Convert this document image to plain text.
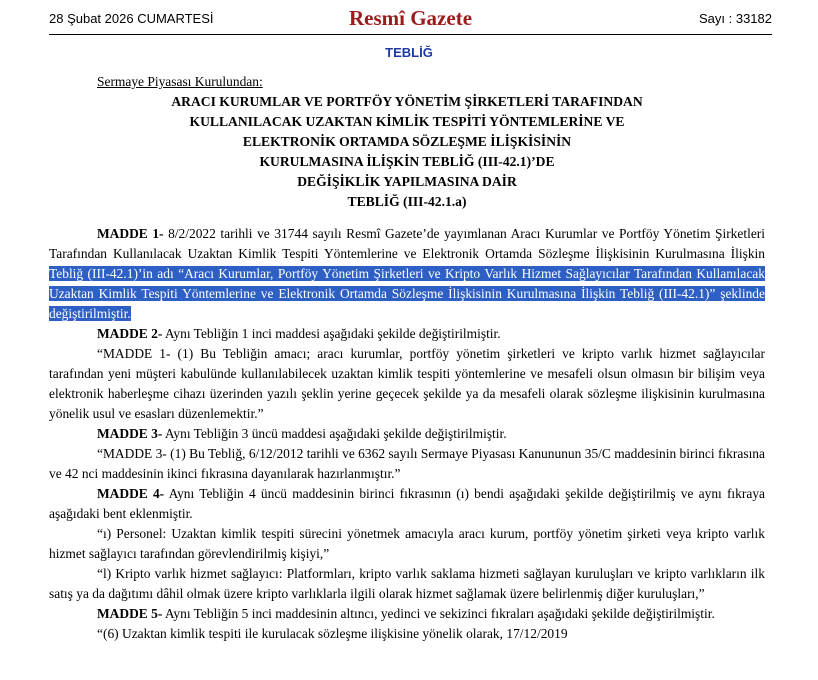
28 Şubat 2026 CUMARTESİ	Resmî Gazete	Sayı : 33182
TEBLİĞ
Sermaye Piyasası Kurulundan:
ARACI KURUMLAR VE PORTFÖY YÖNETİM ŞİRKETLERİ TARAFINDAN
KULLANILACAK UZAKTAN KİMLİK TESPİTİ YÖNTEMLERİNE VE
ELEKTRONİK ORTAMDA SÖZLEŞME İLİŞKİSİNİN
KURULMASINA İLİŞKİN TEBLİĞ (III-42.1)’DE
DEĞİŞİKLİK YAPILMASINA DAİR
TEBLİĞ (III-42.1.a)

MADDE 1- 8/2/2022 tarihli ve 31744 sayılı Resmî Gazete’de yayımlanan Aracı Kurumlar ve Portföy Yönetim Şirketleri Tarafından Kullanılacak Uzaktan Kimlik Tespiti Yöntemlerine ve Elektronik Ortamda Sözleşme İlişkisinin Kurulmasına İlişkin Tebliğ (III-42.1)’in adı “Aracı Kurumlar, Portföy Yönetim Şirketleri ve Kripto Varlık Hizmet Sağlayıcılar Tarafından Kullanılacak Uzaktan Kimlik Tespiti Yöntemlerine ve Elektronik Ortamda Sözleşme İlişkisinin Kurulmasına İlişkin Tebliğ (III-42.1)” şeklinde değiştirilmiştir.

MADDE 2- Aynı Tebliğin 1 inci maddesi aşağıdaki şekilde değiştirilmiştir.

“MADDE 1- (1) Bu Tebliğin amacı; aracı kurumlar, portföy yönetim şirketleri ve kripto varlık hizmet sağlayıcılar tarafından yeni müşteri kabulünde kullanılabilecek uzaktan kimlik tespiti yöntemlerine ve mesafeli olsun olmasın bir bilişim veya elektronik haberleşme cihazı üzerinden yazılı şeklin yerine geçecek şekilde ya da mesafeli olarak sözleşme ilişkisinin kurulmasına yönelik usul ve esasları düzenlemektir.”

MADDE 3- Aynı Tebliğin 3 üncü maddesi aşağıdaki şekilde değiştirilmiştir.

“MADDE 3- (1) Bu Tebliğ, 6/12/2012 tarihli ve 6362 sayılı Sermaye Piyasası Kanununun 35/C maddesinin birinci fıkrasına ve 42 nci maddesinin ikinci fıkrasına dayanılarak hazırlanmıştır.”

MADDE 4- Aynı Tebliğin 4 üncü maddesinin birinci fıkrasının (ı) bendi aşağıdaki şekilde değiştirilmiş ve aynı fıkraya aşağıdaki bent eklenmiştir.

“ı) Personel: Uzaktan kimlik tespiti sürecini yönetmek amacıyla aracı kurum, portföy yönetim şirketi veya kripto varlık hizmet sağlayıcı tarafından görevlendirilmiş kişiyi,”

“l) Kripto varlık hizmet sağlayıcı: Platformları, kripto varlık saklama hizmeti sağlayan kuruluşları ve kripto varlıkların ilk satış ya da dağıtımı dâhil olmak üzere kripto varlıklarla ilgili olarak hizmet sağlamak üzere belirlenmiş diğer kuruluşları,”

MADDE 5- Aynı Tebliğin 5 inci maddesinin altıncı, yedinci ve sekizinci fıkraları aşağıdaki şekilde değiştirilmiştir.

“(6) Uzaktan kimlik tespiti ile kurulacak sözleşme ilişkisine yönelik olarak, 17/12/2019
